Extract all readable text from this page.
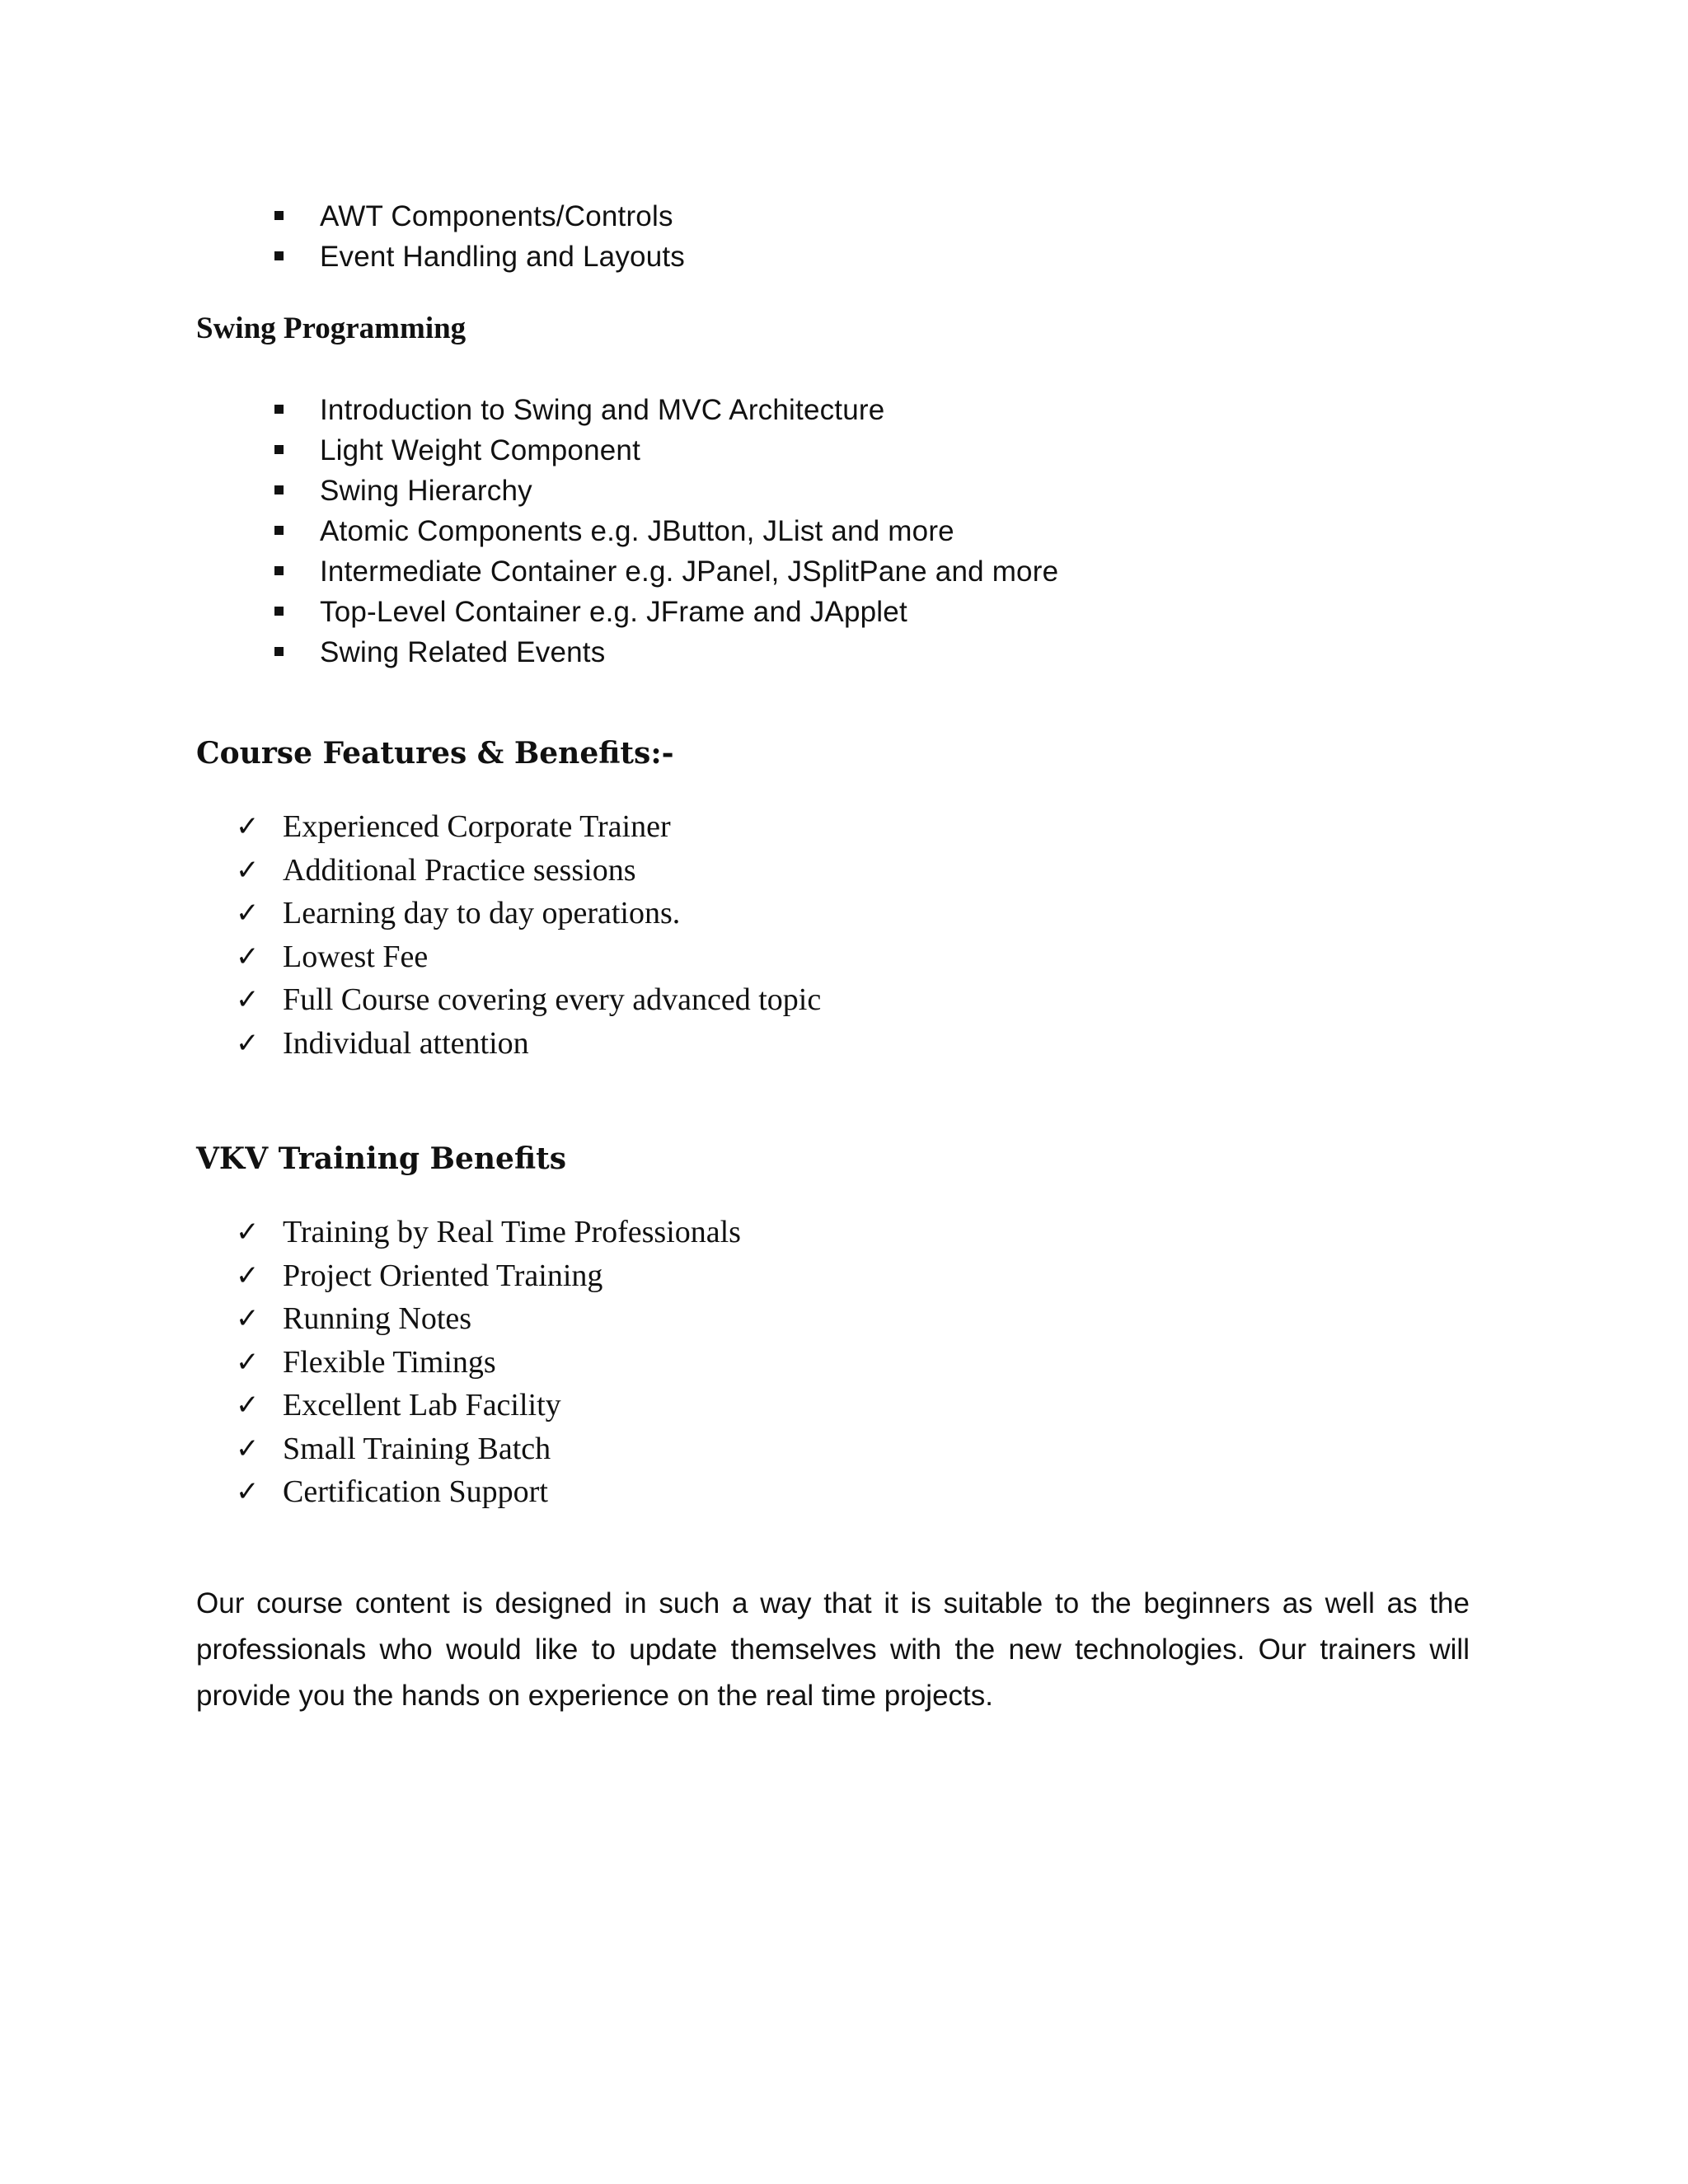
AWT Components/Controls
Event Handling and Layouts
Swing Programming
Introduction to Swing and MVC Architecture
Light Weight Component
Swing Hierarchy
Atomic Components e.g. JButton, JList and more
Intermediate Container e.g. JPanel, JSplitPane and more
Top-Level Container e.g. JFrame and JApplet
Swing Related Events
Course Features & Benefits:-
✓ Experienced Corporate Trainer
✓ Additional Practice sessions
✓ Learning day to day operations.
✓ Lowest Fee
✓ Full Course covering every advanced topic
✓ Individual attention
VKV Training Benefits
✓ Training by Real Time Professionals
✓ Project Oriented Training
✓ Running Notes
✓ Flexible Timings
✓ Excellent Lab Facility
✓ Small Training Batch
✓ Certification Support

Our course content is designed in such a way that it is suitable to the beginners as well as the professionals who would like to update themselves with the new technologies. Our trainers will provide you the hands on experience on the real time projects.
